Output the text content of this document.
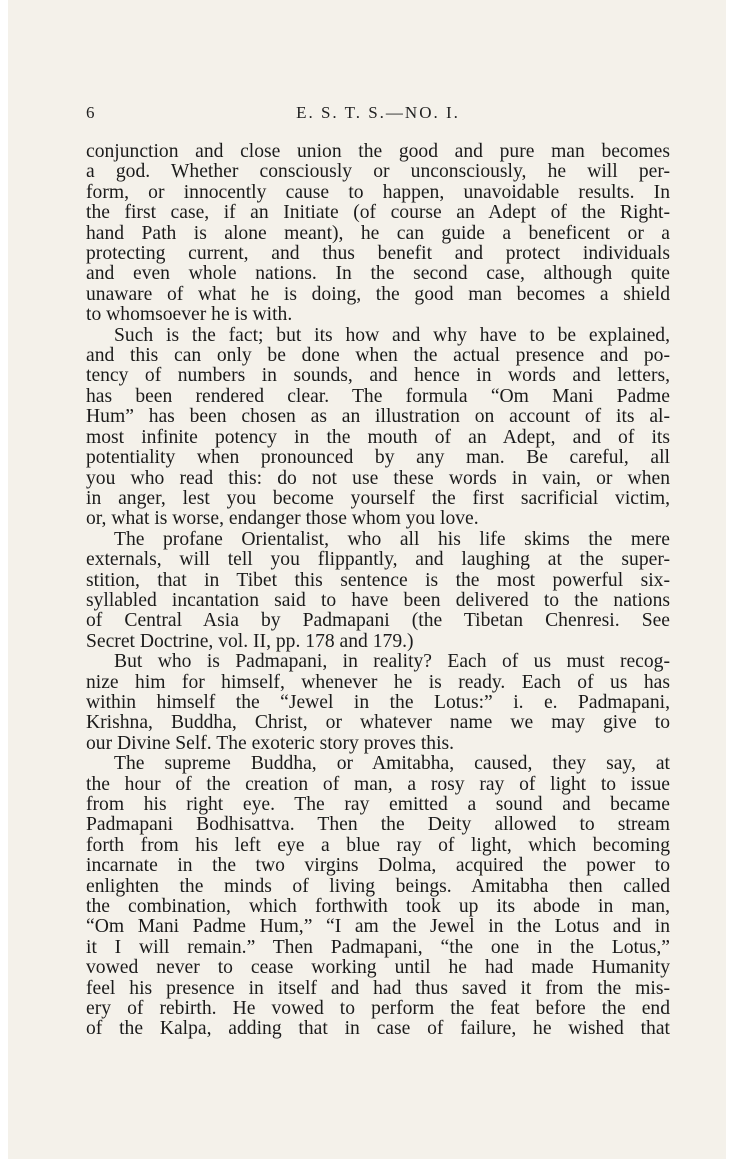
6	E. S. T. S.—NO. I.

conjunction and close union the good and pure man becomes

a god. Whether consciously or unconsciously, he will per-

form, or innocently cause to happen, unavoidable results. In

the first case, if an Initiate (of course an Adept of the Right-

hand Path is alone meant), he can guide a beneficent or a

protecting current, and thus benefit and protect individuals

and even whole nations. In the second case, although quite

unaware of what he is doing, the good man becomes a shield

to whomsoever he is with.

Such is the fact; but its how and why have to be explained,

and this can only be done when the actual presence and po-

tency of numbers in sounds, and hence in words and letters,

has been rendered clear. The formula “Om Mani Padme

Hum” has been chosen as an illustration on account of its al-

most infinite potency in the mouth of an Adept, and of its

potentiality when pronounced by any man. Be careful, all

you who read this: do not use these words in vain, or when

in anger, lest you become yourself the first sacrificial victim,

or, what is worse, endanger those whom you love.

The profane Orientalist, who all his life skims the mere

externals, will tell you flippantly, and laughing at the super-

stition, that in Tibet this sentence is the most powerful six-

syllabled incantation said to have been delivered to the nations

of Central Asia by Padmapani (the Tibetan Chenresi. See

Secret Doctrine, vol. II, pp. 178 and 179.)

But who is Padmapani, in reality? Each of us must recog-

nize him for himself, whenever he is ready. Each of us has

within himself the “Jewel in the Lotus:” i. e. Padmapani,

Krishna, Buddha, Christ, or whatever name we may give to

our Divine Self. The exoteric story proves this.

The supreme Buddha, or Amitabha, caused, they say, at

the hour of the creation of man, a rosy ray of light to issue

from his right eye. The ray emitted a sound and became

Padmapani Bodhisattva. Then the Deity allowed to stream

forth from his left eye a blue ray of light, which becoming

incarnate in the two virgins Dolma, acquired the power to

enlighten the minds of living beings. Amitabha then called

the combination, which forthwith took up its abode in man,

“Om Mani Padme Hum,” “I am the Jewel in the Lotus and in

it I will remain.” Then Padmapani, “the one in the Lotus,”

vowed never to cease working until he had made Humanity

feel his presence in itself and had thus saved it from the mis-

ery of rebirth. He vowed to perform the feat before the end

of the Kalpa, adding that in case of failure, he wished that
